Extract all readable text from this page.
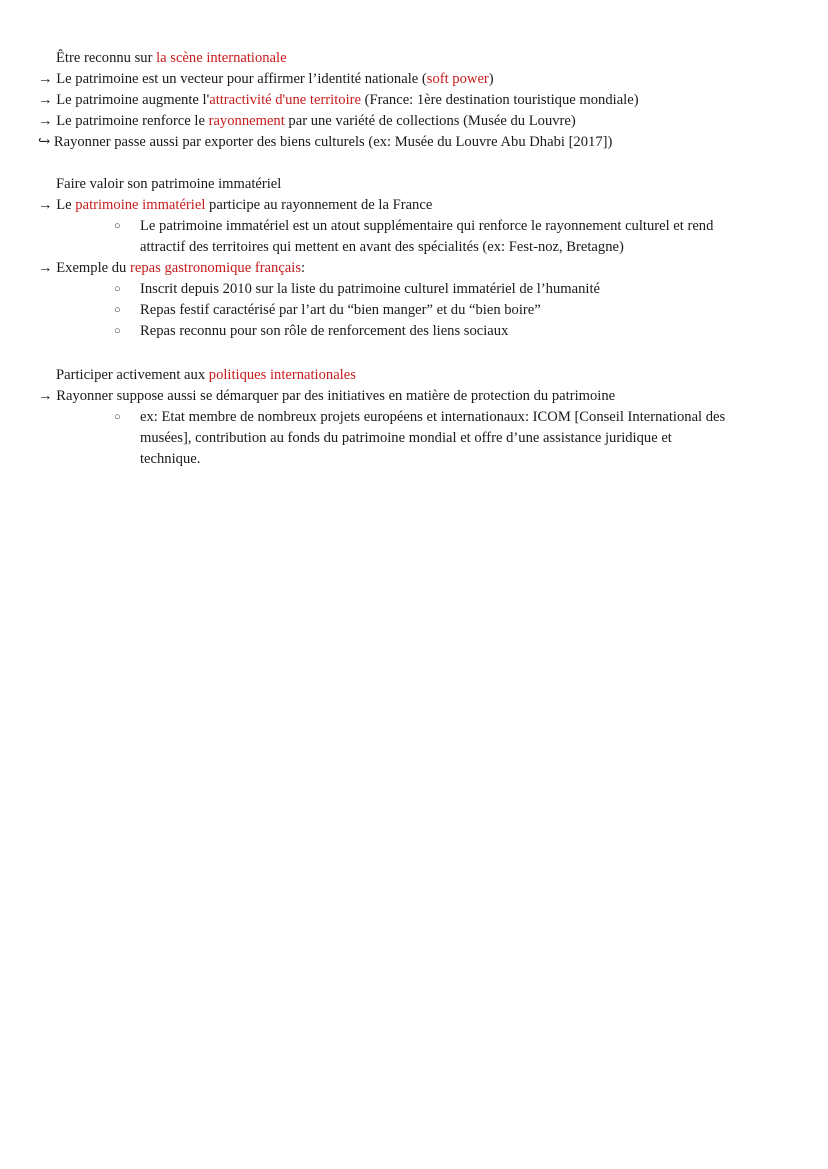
Être reconnu sur la scène internationale
→ Le patrimoine est un vecteur pour affirmer l’identité nationale (soft power)
→ Le patrimoine augmente l'attractivité d'une territoire (France: 1ère destination touristique mondiale)
→ Le patrimoine renforce le rayonnement par une variété de collections (Musée du Louvre)
↪ Rayonner passe aussi par exporter des biens culturels (ex: Musée du Louvre Abu Dhabi [2017])
Faire valoir son patrimoine immatériel
→ Le patrimoine immatériel participe au rayonnement de la France
○	Le patrimoine immatériel est un atout supplémentaire qui renforce le rayonnement culturel et rend
attractif des territoires qui mettent en avant des spécialités (ex: Fest-noz, Bretagne)
→ Exemple du repas gastronomique français:
○	Inscrit depuis 2010 sur la liste du patrimoine culturel immatériel de l’humanité
○	Repas festif caractérisé par l’art du “bien manger” et du “bien boire”
○	Repas reconnu pour son rôle de renforcement des liens sociaux
Participer activement aux politiques internationales
→ Rayonner suppose aussi se démarquer par des initiatives en matière de protection du patrimoine
○	ex: Etat membre de nombreux projets européens et internationaux: ICOM [Conseil International des
musées], contribution au fonds du patrimoine mondial et offre d’une assistance juridique et
technique.
